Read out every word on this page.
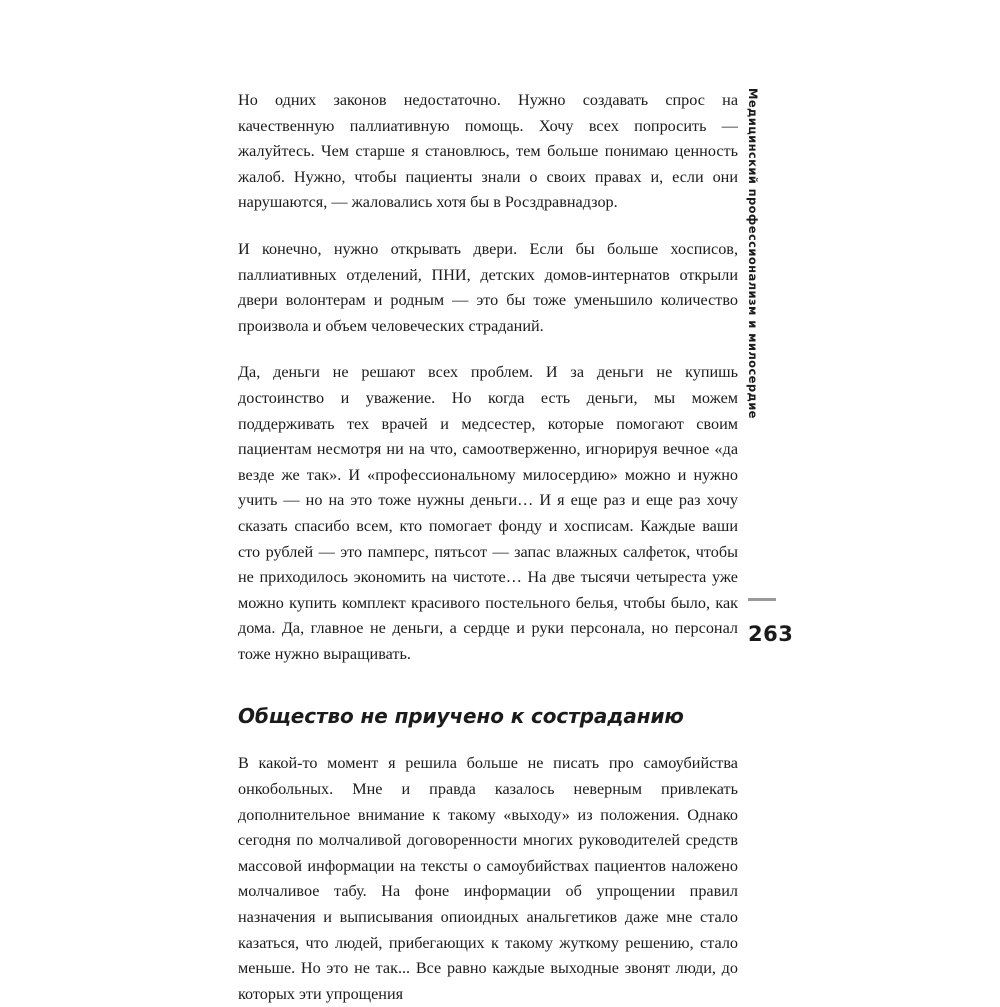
Но одних законов недостаточно. Нужно создавать спрос на качественную паллиативную помощь. Хочу всех попросить — жалуйтесь. Чем старше я становлюсь, тем больше понимаю ценность жалоб. Нужно, чтобы пациенты знали о своих правах и, если они нарушаются, — жаловались хотя бы в Росздравнадзор.

И конечно, нужно открывать двери. Если бы больше хосписов, паллиативных отделений, ПНИ, детских домов-интернатов открыли двери волонтерам и родным — это бы тоже уменьшило количество произвола и объем человеческих страданий.

Да, деньги не решают всех проблем. И за деньги не купишь достоинство и уважение. Но когда есть деньги, мы можем поддерживать тех врачей и медсестер, которые помогают своим пациентам несмотря ни на что, самоотверженно, игнорируя вечное «да везде же так». И «профессиональному милосердию» можно и нужно учить — но на это тоже нужны деньги… И я еще раз и еще раз хочу сказать спасибо всем, кто помогает фонду и хосписам. Каждые ваши сто рублей — это памперс, пятьсот — запас влажных салфеток, чтобы не приходилось экономить на чистоте… На две тысячи четыреста уже можно купить комплект красивого постельного белья, чтобы было, как дома. Да, главное не деньги, а сердце и руки персонала, но персонал тоже нужно выращивать.

Общество не приучено к состраданию

В какой-то момент я решила больше не писать про самоубийства онкобольных. Мне и правда казалось неверным привлекать дополнительное внимание к такому «выходу» из положения. Однако сегодня по молчаливой договоренности многих руководителей средств массовой информации на тексты о самоубийствах пациентов наложено молчаливое табу. На фоне информации об упрощении правил назначения и выписывания опиоидных анальгетиков даже мне стало казаться, что людей, прибегающих к такому жуткому решению, стало меньше. Но это не так... Все равно каждые выходные звонят люди, до которых эти упрощения

263
Медицинский профессионализм и милосердие
